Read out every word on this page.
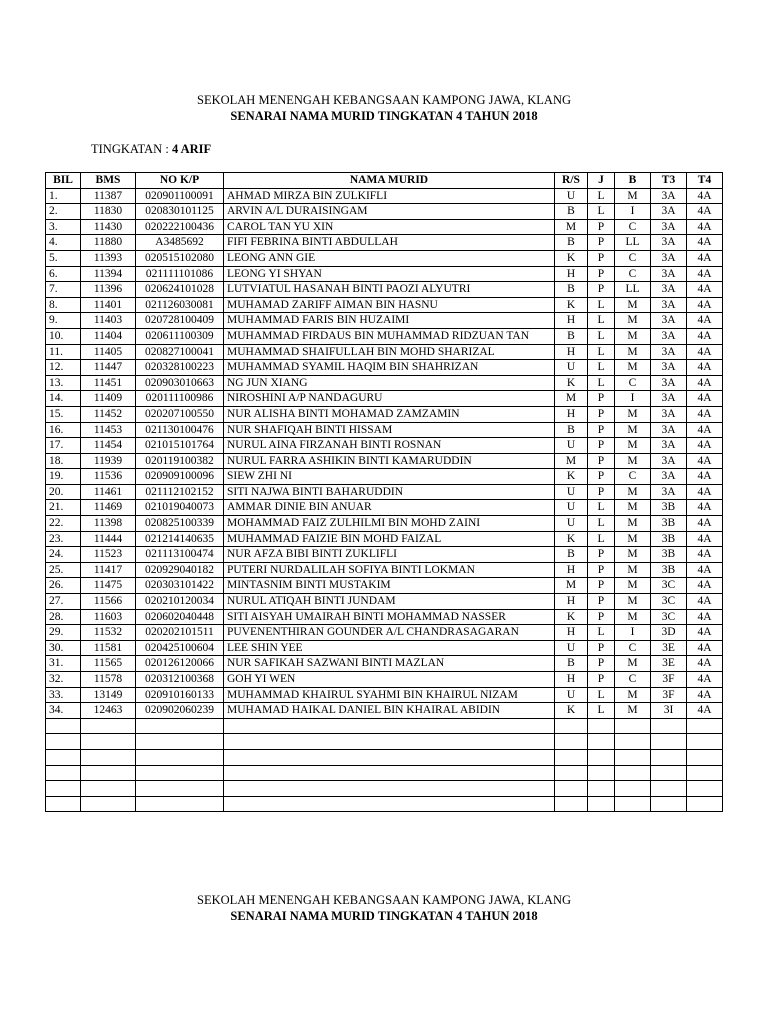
SEKOLAH MENENGAH KEBANGSAAN KAMPONG JAWA, KLANG
SENARAI NAMA MURID TINGKATAN 4 TAHUN 2018
TINGKATAN : 4 ARIF
BIL	BMS	NO K/P	NAMA MURID	R/S	J	B	T3	T4
1.	11387	020901100091	AHMAD MIRZA BIN ZULKIFLI	U	L	M	3A	4A
2.	11830	020830101125	ARVIN A/L DURAISINGAM	B	L	I	3A	4A
3.	11430	020222100436	CAROL TAN YU XIN	M	P	C	3A	4A
4.	11880	A3485692	FIFI FEBRINA BINTI ABDULLAH	B	P	LL	3A	4A
5.	11393	020515102080	LEONG ANN GIE	K	P	C	3A	4A
6.	11394	021111101086	LEONG YI SHYAN	H	P	C	3A	4A
7.	11396	020624101028	LUTVIATUL HASANAH BINTI PAOZI ALYUTRI	B	P	LL	3A	4A
8.	11401	021126030081	MUHAMAD ZARIFF AIMAN BIN HASNU	K	L	M	3A	4A
9.	11403	020728100409	MUHAMMAD FARIS BIN HUZAIMI	H	L	M	3A	4A
10.	11404	020611100309	MUHAMMAD FIRDAUS BIN MUHAMMAD RIDZUAN TAN	B	L	M	3A	4A
11.	11405	020827100041	MUHAMMAD SHAIFULLAH BIN MOHD SHARIZAL	H	L	M	3A	4A
12.	11447	020328100223	MUHAMMAD SYAMIL HAQIM BIN SHAHRIZAN	U	L	M	3A	4A
13.	11451	020903010663	NG JUN XIANG	K	L	C	3A	4A
14.	11409	020111100986	NIROSHINI A/P NANDAGURU	M	P	I	3A	4A
15.	11452	020207100550	NUR ALISHA BINTI MOHAMAD ZAMZAMIN	H	P	M	3A	4A
16.	11453	021130100476	NUR SHAFIQAH BINTI HISSAM	B	P	M	3A	4A
17.	11454	021015101764	NURUL AINA FIRZANAH BINTI ROSNAN	U	P	M	3A	4A
18.	11939	020119100382	NURUL FARRA ASHIKIN BINTI KAMARUDDIN	M	P	M	3A	4A
19.	11536	020909100096	SIEW ZHI NI	K	P	C	3A	4A
20.	11461	021112102152	SITI NAJWA BINTI BAHARUDDIN	U	P	M	3A	4A
21.	11469	021019040073	AMMAR DINIE BIN ANUAR	U	L	M	3B	4A
22.	11398	020825100339	MOHAMMAD FAIZ ZULHILMI BIN MOHD ZAINI	U	L	M	3B	4A
23.	11444	021214140635	MUHAMMAD FAIZIE BIN MOHD FAIZAL	K	L	M	3B	4A
24.	11523	021113100474	NUR AFZA BIBI BINTI ZUKLIFLI	B	P	M	3B	4A
25.	11417	020929040182	PUTERI NURDALILAH SOFIYA BINTI LOKMAN	H	P	M	3B	4A
26.	11475	020303101422	MINTASNIM BINTI MUSTAKIM	M	P	M	3C	4A
27.	11566	020210120034	NURUL ATIQAH BINTI JUNDAM	H	P	M	3C	4A
28.	11603	020602040448	SITI AISYAH UMAIRAH BINTI MOHAMMAD NASSER	K	P	M	3C	4A
29.	11532	020202101511	PUVENENTHIRAN GOUNDER A/L CHANDRASAGARAN	H	L	I	3D	4A
30.	11581	020425100604	LEE SHIN YEE	U	P	C	3E	4A
31.	11565	020126120066	NUR SAFIKAH SAZWANI BINTI MAZLAN	B	P	M	3E	4A
32.	11578	020312100368	GOH YI WEN	H	P	C	3F	4A
33.	13149	020910160133	MUHAMMAD KHAIRUL SYAHMI BIN KHAIRUL NIZAM	U	L	M	3F	4A
34.	12463	020902060239	MUHAMAD HAIKAL DANIEL BIN KHAIRAL ABIDIN	K	L	M	3I	4A

SEKOLAH MENENGAH KEBANGSAAN KAMPONG JAWA, KLANG
SENARAI NAMA MURID TINGKATAN 4 TAHUN 2018
